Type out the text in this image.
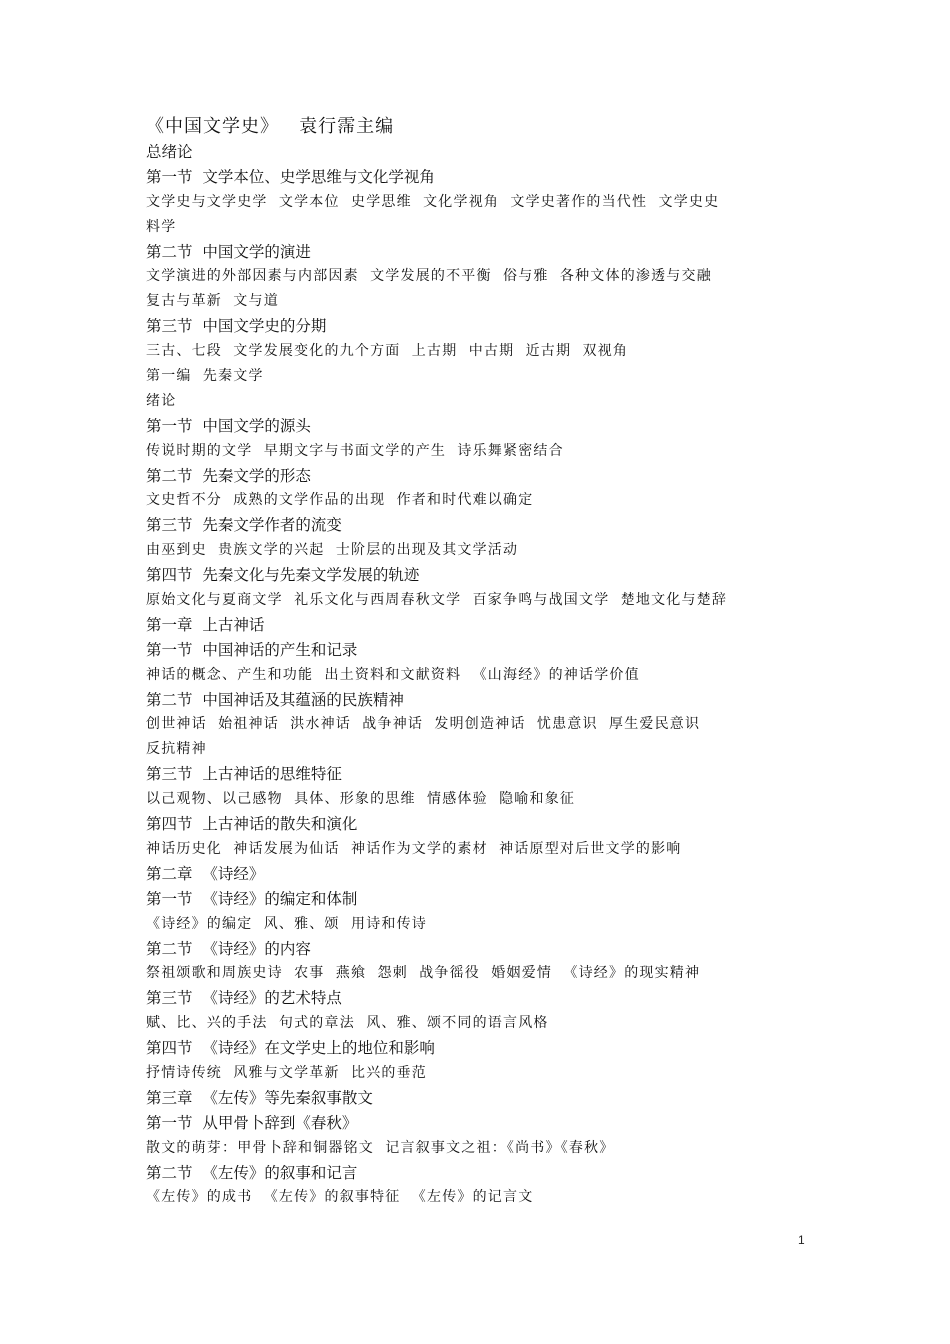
《中国文学史》   袁行霈主编
总绪论
第一节  文学本位、史学思维与文化学视角
文学史与文学史学  文学本位  史学思维  文化学视角  文学史著作的当代性  文学史史
料学
第二节  中国文学的演进
文学演进的外部因素与内部因素  文学发展的不平衡  俗与雅  各种文体的渗透与交融
复古与革新  文与道
第三节  中国文学史的分期
三古、七段  文学发展变化的九个方面  上古期  中古期  近古期  双视角
第一编  先秦文学
绪论
第一节  中国文学的源头
传说时期的文学  早期文字与书面文学的产生  诗乐舞紧密结合
第二节  先秦文学的形态
文史哲不分  成熟的文学作品的出现  作者和时代难以确定
第三节  先秦文学作者的流变
由巫到史  贵族文学的兴起  士阶层的出现及其文学活动
第四节  先秦文化与先秦文学发展的轨迹
原始文化与夏商文学  礼乐文化与西周春秋文学  百家争鸣与战国文学  楚地文化与楚辞
第一章  上古神话
第一节  中国神话的产生和记录
神话的概念、产生和功能  出土资料和文献资料  《山海经》的神话学价值
第二节  中国神话及其蕴涵的民族精神
创世神话  始祖神话  洪水神话  战争神话  发明创造神话  忧患意识  厚生爱民意识
反抗精神
第三节  上古神话的思维特征
以己观物、以己感物  具体、形象的思维  情感体验  隐喻和象征
第四节  上古神话的散失和演化
神话历史化  神话发展为仙话  神话作为文学的素材  神话原型对后世文学的影响
第二章  《诗经》
第一节  《诗经》的编定和体制
《诗经》的编定  风、雅、颂  用诗和传诗
第二节  《诗经》的内容
祭祖颂歌和周族史诗  农事  燕飨  怨刺  战争徭役  婚姻爱情  《诗经》的现实精神
第三节  《诗经》的艺术特点
赋、比、兴的手法  句式的章法  风、雅、颂不同的语言风格
第四节  《诗经》在文学史上的地位和影响
抒情诗传统  风雅与文学革新  比兴的垂范
第三章  《左传》等先秦叙事散文
第一节  从甲骨卜辞到《春秋》
散文的萌芽：甲骨卜辞和铜器铭文  记言叙事文之祖：《尚书》《春秋》
第二节  《左传》的叙事和记言
《左传》的成书  《左传》的叙事特征  《左传》的记言文
1
